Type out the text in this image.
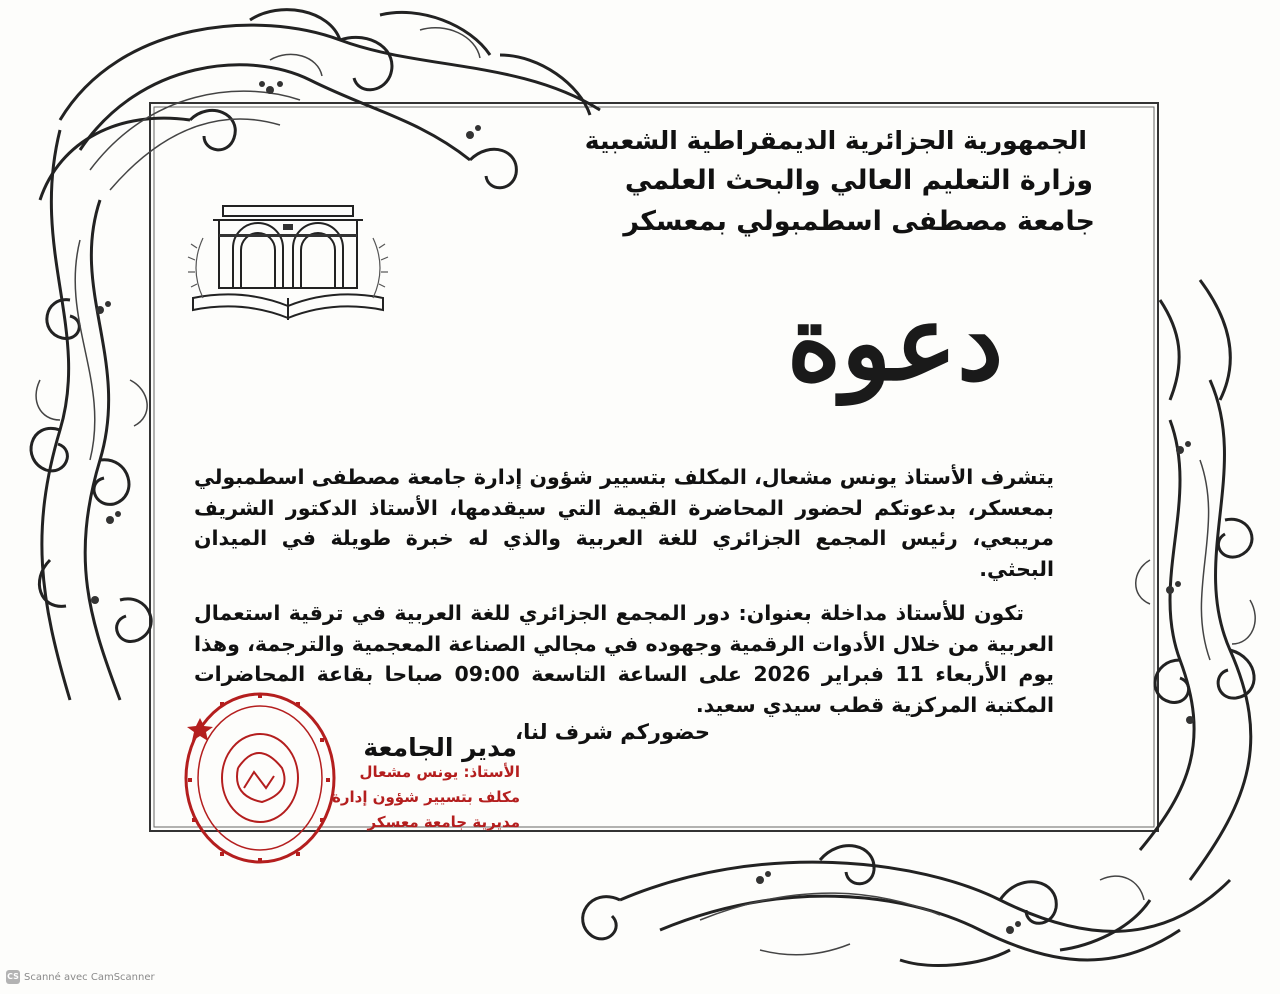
الجمهورية الجزائرية الديمقراطية الشعبية
وزارة التعليم العالي والبحث العلمي
جامعة مصطفى اسطمبولي بمعسكر
دعوة

يتشرف الأستاذ يونس مشعال، المكلف بتسيير شؤون إدارة جامعة مصطفى اسطمبولي بمعسكر، بدعوتكم لحضور المحاضرة القيمة التي سيقدمها، الأستاذ الدكتور الشريف مريبعي، رئيس المجمع الجزائري للغة العربية والذي له خبرة طويلة في الميدان البحثي.

تكون للأستاذ مداخلة بعنوان: دور المجمع الجزائري للغة العربية في ترقية استعمال العربية من خلال الأدوات الرقمية وجهوده في مجالي الصناعة المعجمية والترجمة، وهذا يوم الأربعاء 11 فبراير 2026 على الساعة التاسعة 09:00 صباحا بقاعة المحاضرات المكتبة المركزية قطب سيدي سعيد.

حضوركم شرف لنا،
مدير الجامعة
الأستاذ: يونس مشعال
مكلف بتسيير شؤون إدارة
مديرية جامعة معسكر
CS Scanné avec CamScanner
